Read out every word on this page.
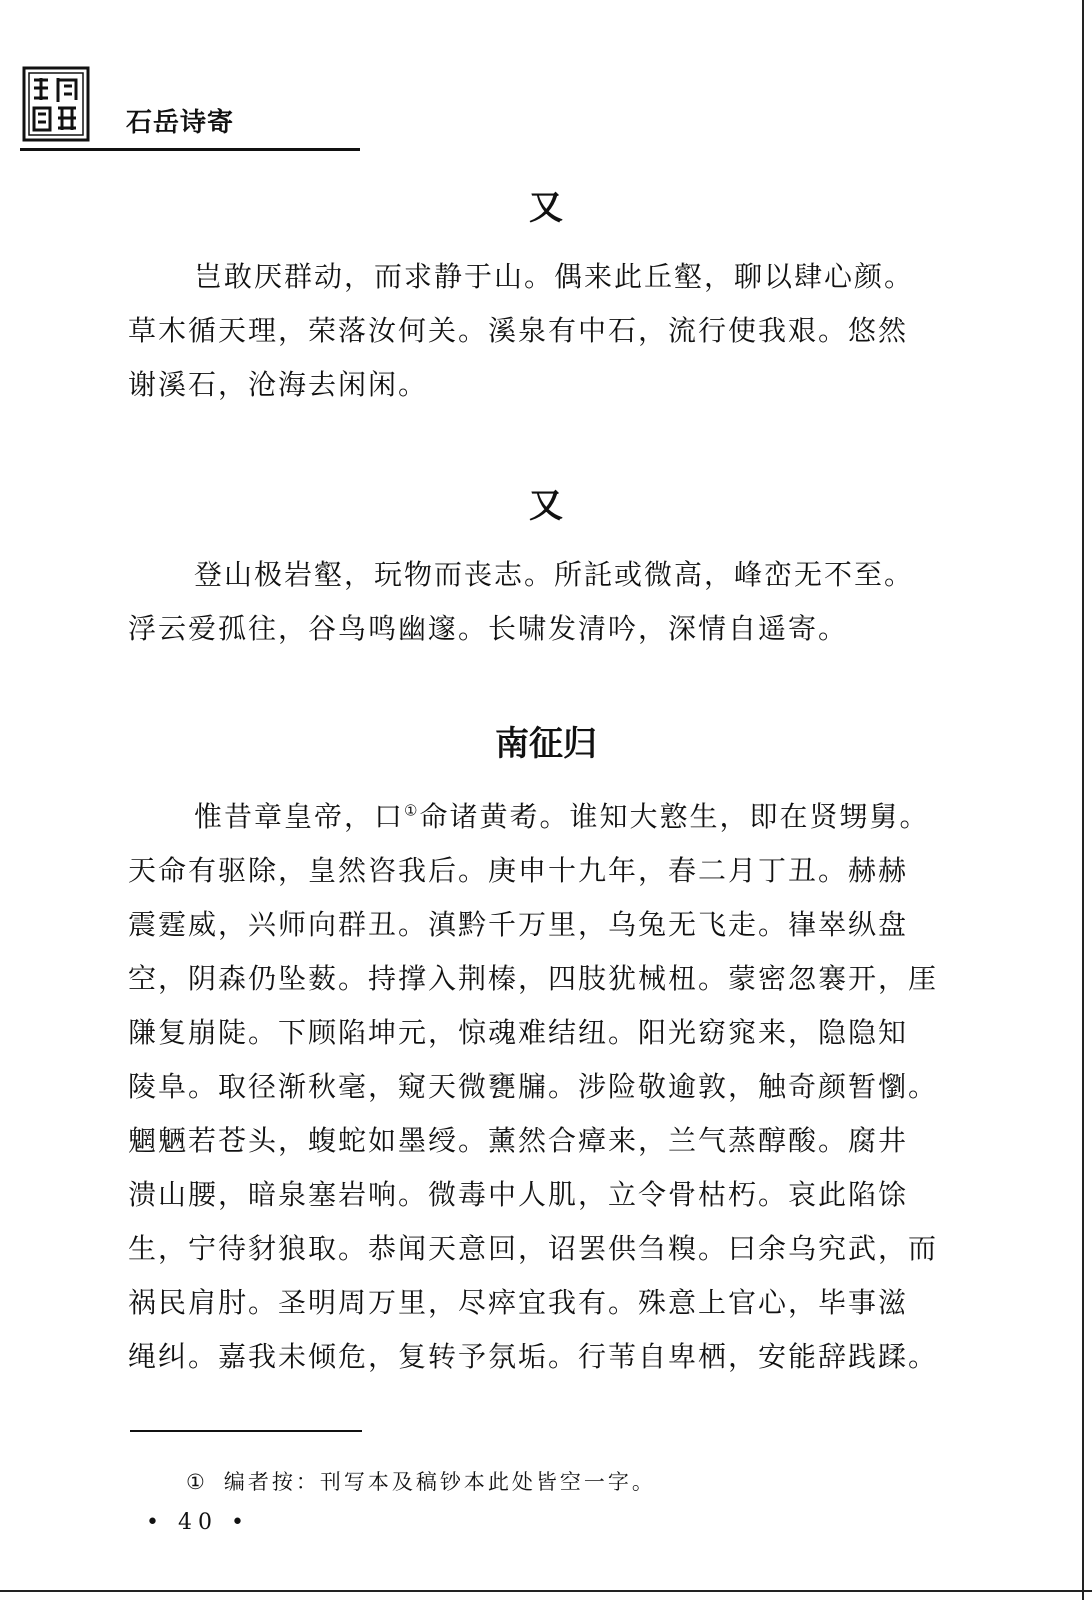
石岳诗寄
又
岂敢厌群动，而求静于山。偶来此丘壑，聊以肆心颜。
草木循天理，荣落汝何关。溪泉有中石，流行使我艰。悠然
谢溪石，沧海去闲闲。
又
登山极岩壑，玩物而丧志。所託或微高，峰峦无不至。
浮云爱孤往，谷鸟鸣幽邃。长啸发清吟，深情自遥寄。
南征归
惟昔章皇帝，口①命诸黄耇。谁知大憝生，即在贤甥舅。
天命有驱除，皇然咨我后。庚申十九年，春二月丁丑。赫赫
震霆威，兴师向群丑。滇黔千万里，乌兔无飞走。嵂崒纵盘
空，阴森仍坠薮。持撑入荆榛，四肢犹械杻。蒙密忽褰开，厓
隒复崩陡。下顾陷坤元，惊魂难结纽。阳光窈窕来，隐隐知
陵阜。取径渐秋毫，窥天微甕牖。涉险敬逾敦，触奇颜暂懰。
魍魉若苍头，蝮蛇如墨绶。薰然合瘴来，兰气蒸醇酸。腐井
溃山腰，暗泉塞岩响。微毒中人肌，立令骨枯朽。哀此陷馀
生，宁待豺狼取。恭闻天意回，诏罢供刍糗。曰余乌究武，而
祸民肩肘。圣明周万里，尽瘁宜我有。殊意上官心，毕事滋
绳纠。嘉我未倾危，复转予氛垢。行苇自卑栖，安能辞践蹂。
① 编者按：刊写本及稿钞本此处皆空一字。
• 40 •
